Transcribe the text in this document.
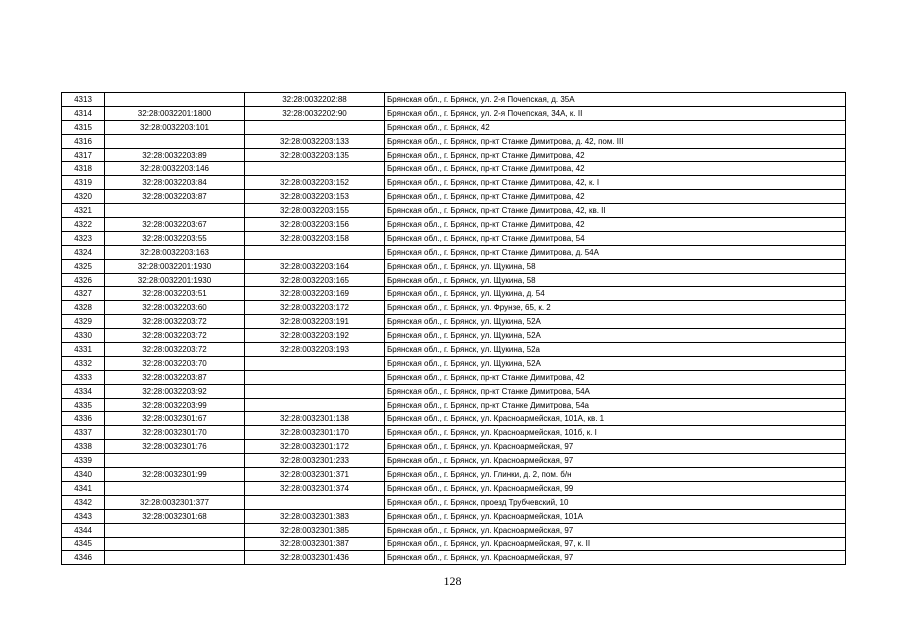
4313		32:28:0032202:88	Брянская обл., г. Брянск, ул. 2-я Почепская, д. 35А
4314	32:28:0032201:1800	32:28:0032202:90	Брянская обл., г. Брянск, ул. 2-я Почепская, 34А, к. II
4315	32:28:0032203:101		Брянская обл., г. Брянск, 42
4316		32:28:0032203:133	Брянская обл., г. Брянск, пр-кт Станке Димитрова, д. 42, пом. III
4317	32:28:0032203:89	32:28:0032203:135	Брянская обл., г. Брянск, пр-кт Станке Димитрова, 42
4318	32:28:0032203:146		Брянская обл., г. Брянск, пр-кт Станке Димитрова, 42
4319	32:28:0032203:84	32:28:0032203:152	Брянская обл., г. Брянск, пр-кт Станке Димитрова, 42, к. I
4320	32:28:0032203:87	32:28:0032203:153	Брянская обл., г. Брянск, пр-кт Станке Димитрова, 42
4321		32:28:0032203:155	Брянская обл., г. Брянск, пр-кт Станке Димитрова, 42, кв. II
4322	32:28:0032203:67	32:28:0032203:156	Брянская обл., г. Брянск, пр-кт Станке Димитрова, 42
4323	32:28:0032203:55	32:28:0032203:158	Брянская обл., г. Брянск, пр-кт Станке Димитрова, 54
4324	32:28:0032203:163		Брянская обл., г. Брянск, пр-кт Станке Димитрова, д. 54А
4325	32:28:0032201:1930	32:28:0032203:164	Брянская обл., г. Брянск, ул. Щукина, 58
4326	32:28:0032201:1930	32:28:0032203:165	Брянская обл., г. Брянск, ул. Щукина, 58
4327	32:28:0032203:51	32:28:0032203:169	Брянская обл., г. Брянск, ул. Щукина, д. 54
4328	32:28:0032203:60	32:28:0032203:172	Брянская обл., г. Брянск, ул. Фрунзе, 65, к. 2
4329	32:28:0032203:72	32:28:0032203:191	Брянская обл., г. Брянск, ул. Щукина, 52А
4330	32:28:0032203:72	32:28:0032203:192	Брянская обл., г. Брянск, ул. Щукина, 52А
4331	32:28:0032203:72	32:28:0032203:193	Брянская обл., г. Брянск, ул. Щукина, 52а
4332	32:28:0032203:70		Брянская обл., г. Брянск, ул. Щукина, 52А
4333	32:28:0032203:87		Брянская обл., г. Брянск, пр-кт Станке Димитрова, 42
4334	32:28:0032203:92		Брянская обл., г. Брянск, пр-кт Станке Димитрова, 54А
4335	32:28:0032203:99		Брянская обл., г. Брянск, пр-кт Станке Димитрова, 54а
4336	32:28:0032301:67	32:28:0032301:138	Брянская обл., г. Брянск, ул. Красноармейская, 101А, кв. 1
4337	32:28:0032301:70	32:28:0032301:170	Брянская обл., г. Брянск, ул. Красноармейская, 101б, к. I
4338	32:28:0032301:76	32:28:0032301:172	Брянская обл., г. Брянск, ул. Красноармейская, 97
4339		32:28:0032301:233	Брянская обл., г. Брянск, ул. Красноармейская, 97
4340	32:28:0032301:99	32:28:0032301:371	Брянская обл., г. Брянск, ул. Глинки, д. 2, пом. б/н
4341		32:28:0032301:374	Брянская обл., г. Брянск, ул. Красноармейская, 99
4342	32:28:0032301:377		Брянская обл., г. Брянск, проезд Трубчевский, 10
4343	32:28:0032301:68	32:28:0032301:383	Брянская обл., г. Брянск, ул. Красноармейская, 101А
4344		32:28:0032301:385	Брянская обл., г. Брянск, ул. Красноармейская, 97
4345		32:28:0032301:387	Брянская обл., г. Брянск, ул. Красноармейская, 97, к. II
4346		32:28:0032301:436	Брянская обл., г. Брянск, ул. Красноармейская, 97
128
